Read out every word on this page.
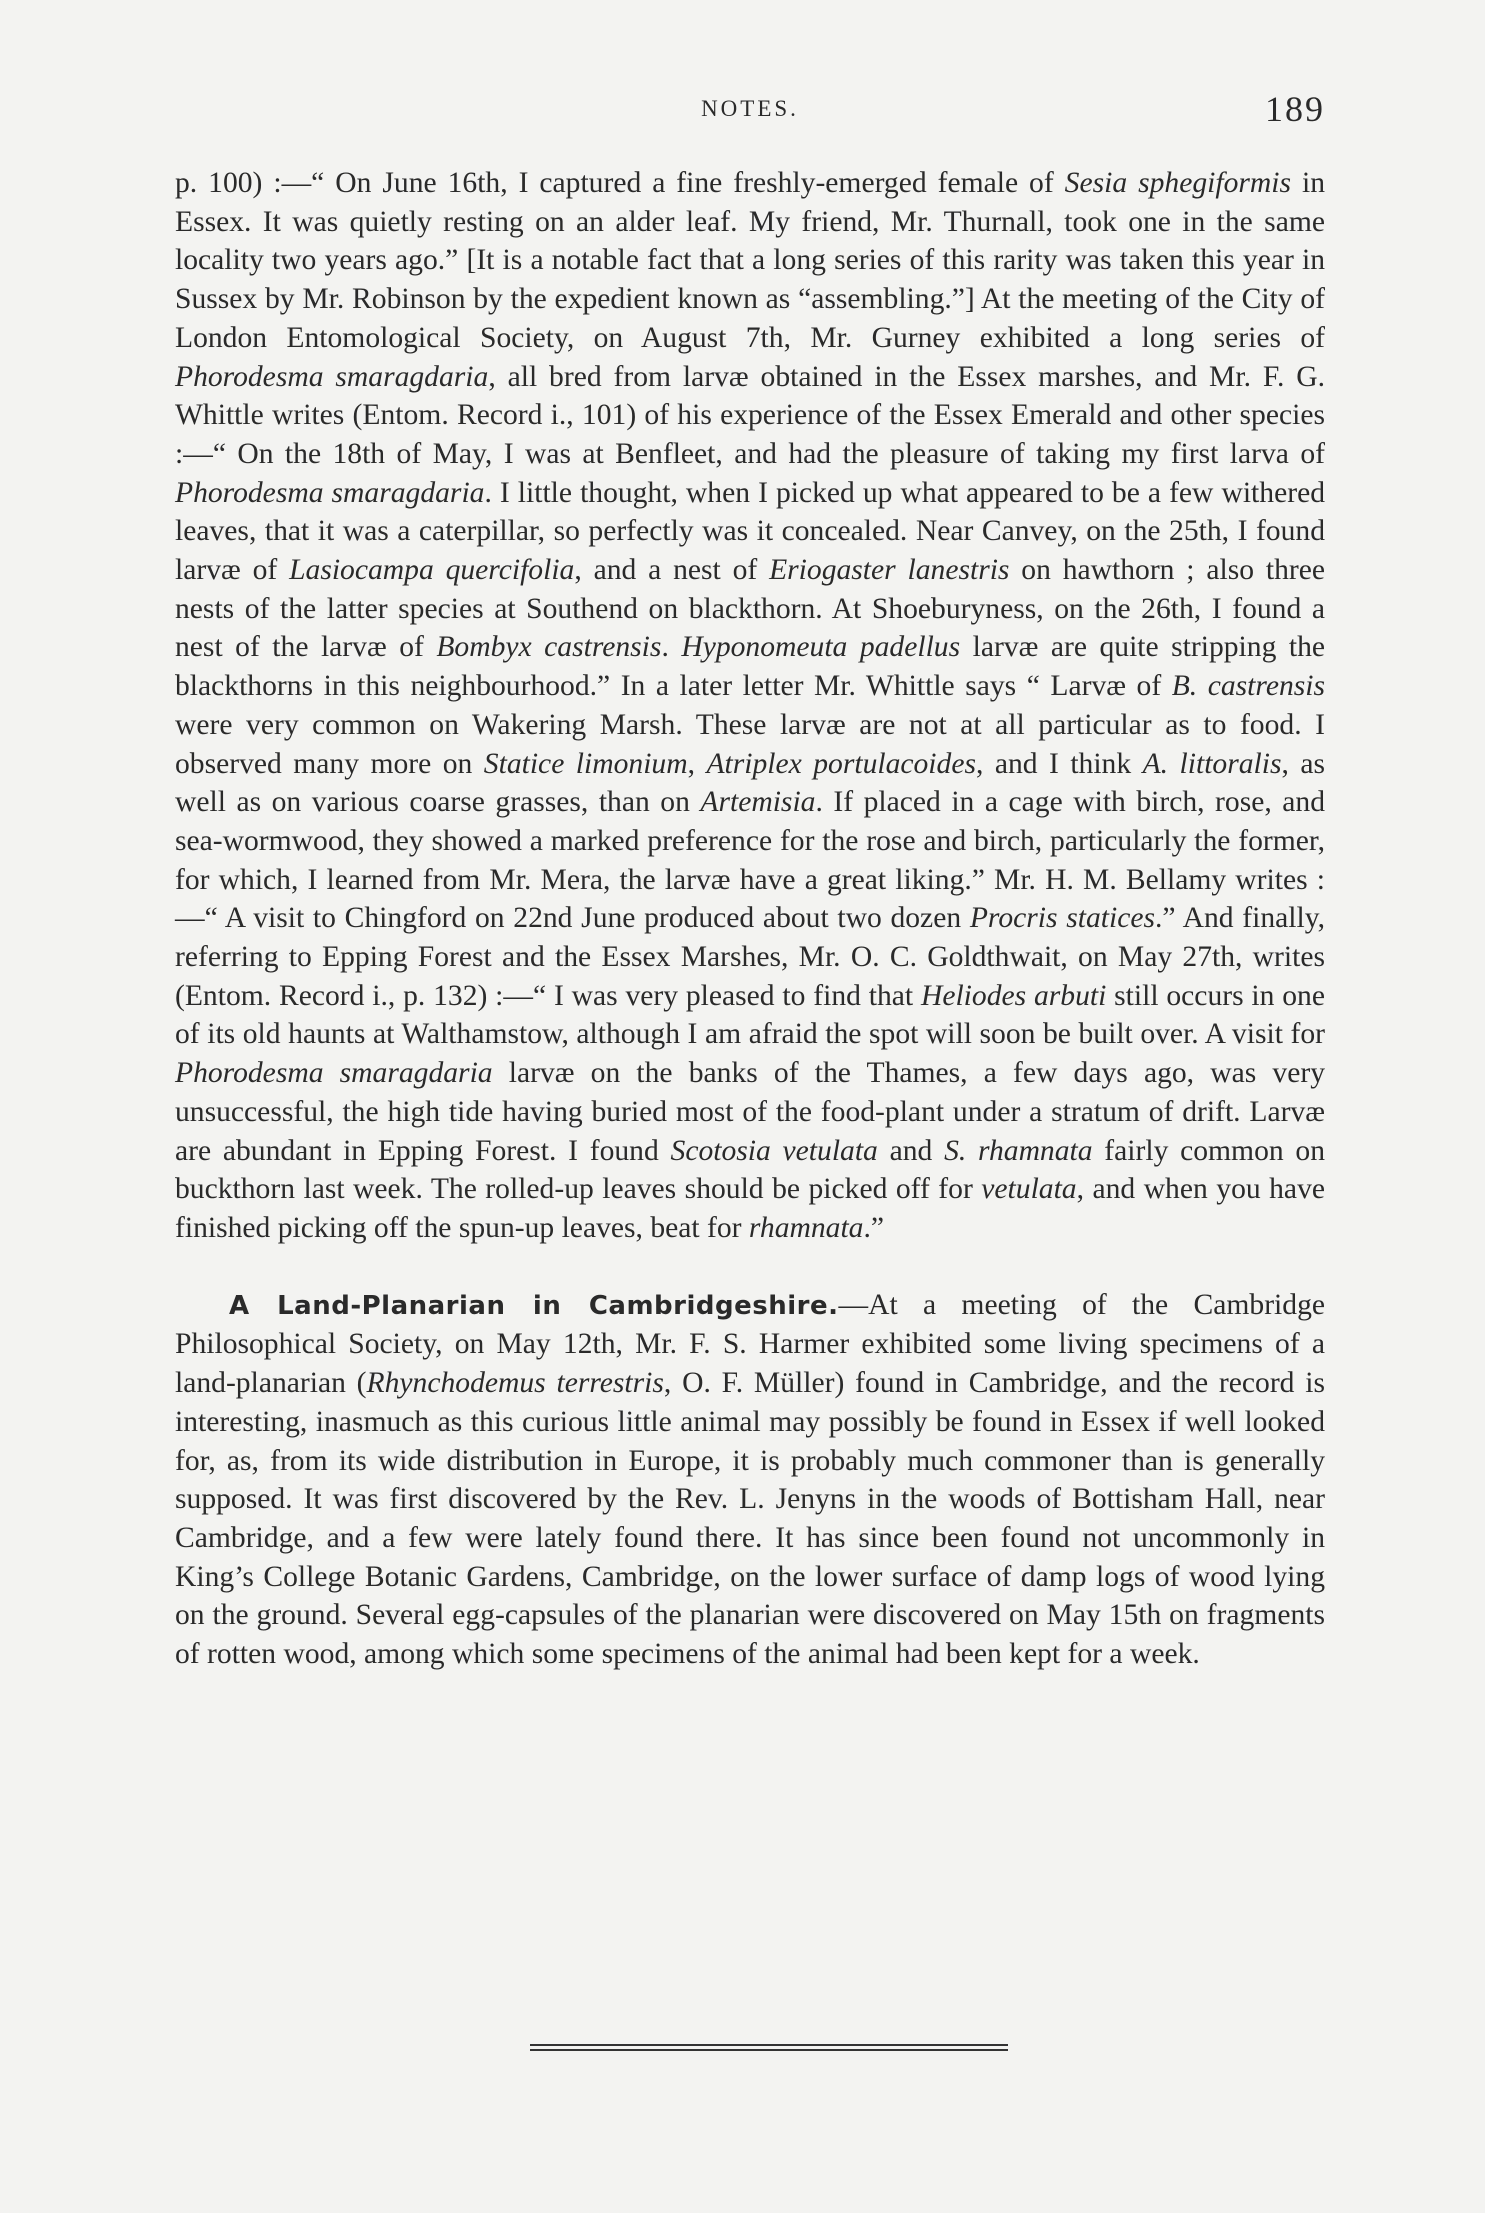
NOTES.	189

p. 100) :—“ On June 16th, I captured a fine freshly-emerged female of Sesia sphegiformis in Essex. It was quietly resting on an alder leaf. My friend, Mr. Thurnall, took one in the same locality two years ago.” [It is a notable fact that a long series of this rarity was taken this year in Sussex by Mr. Robinson by the expedient known as “assembling.”] At the meeting of the City of London Entomological Society, on August 7th, Mr. Gurney exhibited a long series of Phorodesma smaragdaria, all bred from larvæ obtained in the Essex marshes, and Mr. F. G. Whittle writes (Entom. Record i., 101) of his experience of the Essex Emerald and other species :—“ On the 18th of May, I was at Benfleet, and had the pleasure of taking my first larva of Phorodesma smaragdaria. I little thought, when I picked up what appeared to be a few withered leaves, that it was a caterpillar, so perfectly was it concealed. Near Canvey, on the 25th, I found larvæ of Lasiocampa quercifolia, and a nest of Eriogaster lanestris on hawthorn ; also three nests of the latter species at Southend on blackthorn. At Shoeburyness, on the 26th, I found a nest of the larvæ of Bombyx castrensis. Hyponomeuta padellus larvæ are quite stripping the blackthorns in this neighbourhood.” In a later letter Mr. Whittle says “ Larvæ of B. castrensis were very common on Wakering Marsh. These larvæ are not at all particular as to food. I observed many more on Statice limonium, Atriplex portulacoides, and I think A. littoralis, as well as on various coarse grasses, than on Artemisia. If placed in a cage with birch, rose, and sea-wormwood, they showed a marked preference for the rose and birch, particularly the former, for which, I learned from Mr. Mera, the larvæ have a great liking.” Mr. H. M. Bellamy writes :—“ A visit to Chingford on 22nd June produced about two dozen Procris statices.” And finally, referring to Epping Forest and the Essex Marshes, Mr. O. C. Goldthwait, on May 27th, writes (Entom. Record i., p. 132) :—“ I was very pleased to find that Heliodes arbuti still occurs in one of its old haunts at Walthamstow, although I am afraid the spot will soon be built over. A visit for Phorodesma smaragdaria larvæ on the banks of the Thames, a few days ago, was very unsuccessful, the high tide having buried most of the food-plant under a stratum of drift. Larvæ are abundant in Epping Forest. I found Scotosia vetulata and S. rhamnata fairly common on buckthorn last week. The rolled-up leaves should be picked off for vetulata, and when you have finished picking off the spun-up leaves, beat for rhamnata.”

A Land-Planarian in Cambridgeshire.—At a meeting of the Cambridge Philosophical Society, on May 12th, Mr. F. S. Harmer exhibited some living specimens of a land-planarian (Rhynchodemus terrestris, O. F. Müller) found in Cambridge, and the record is interesting, inasmuch as this curious little animal may possibly be found in Essex if well looked for, as, from its wide distribution in Europe, it is probably much commoner than is generally supposed. It was first discovered by the Rev. L. Jenyns in the woods of Bottisham Hall, near Cambridge, and a few were lately found there. It has since been found not uncommonly in King’s College Botanic Gardens, Cambridge, on the lower surface of damp logs of wood lying on the ground. Several egg-capsules of the planarian were discovered on May 15th on fragments of rotten wood, among which some specimens of the animal had been kept for a week.
